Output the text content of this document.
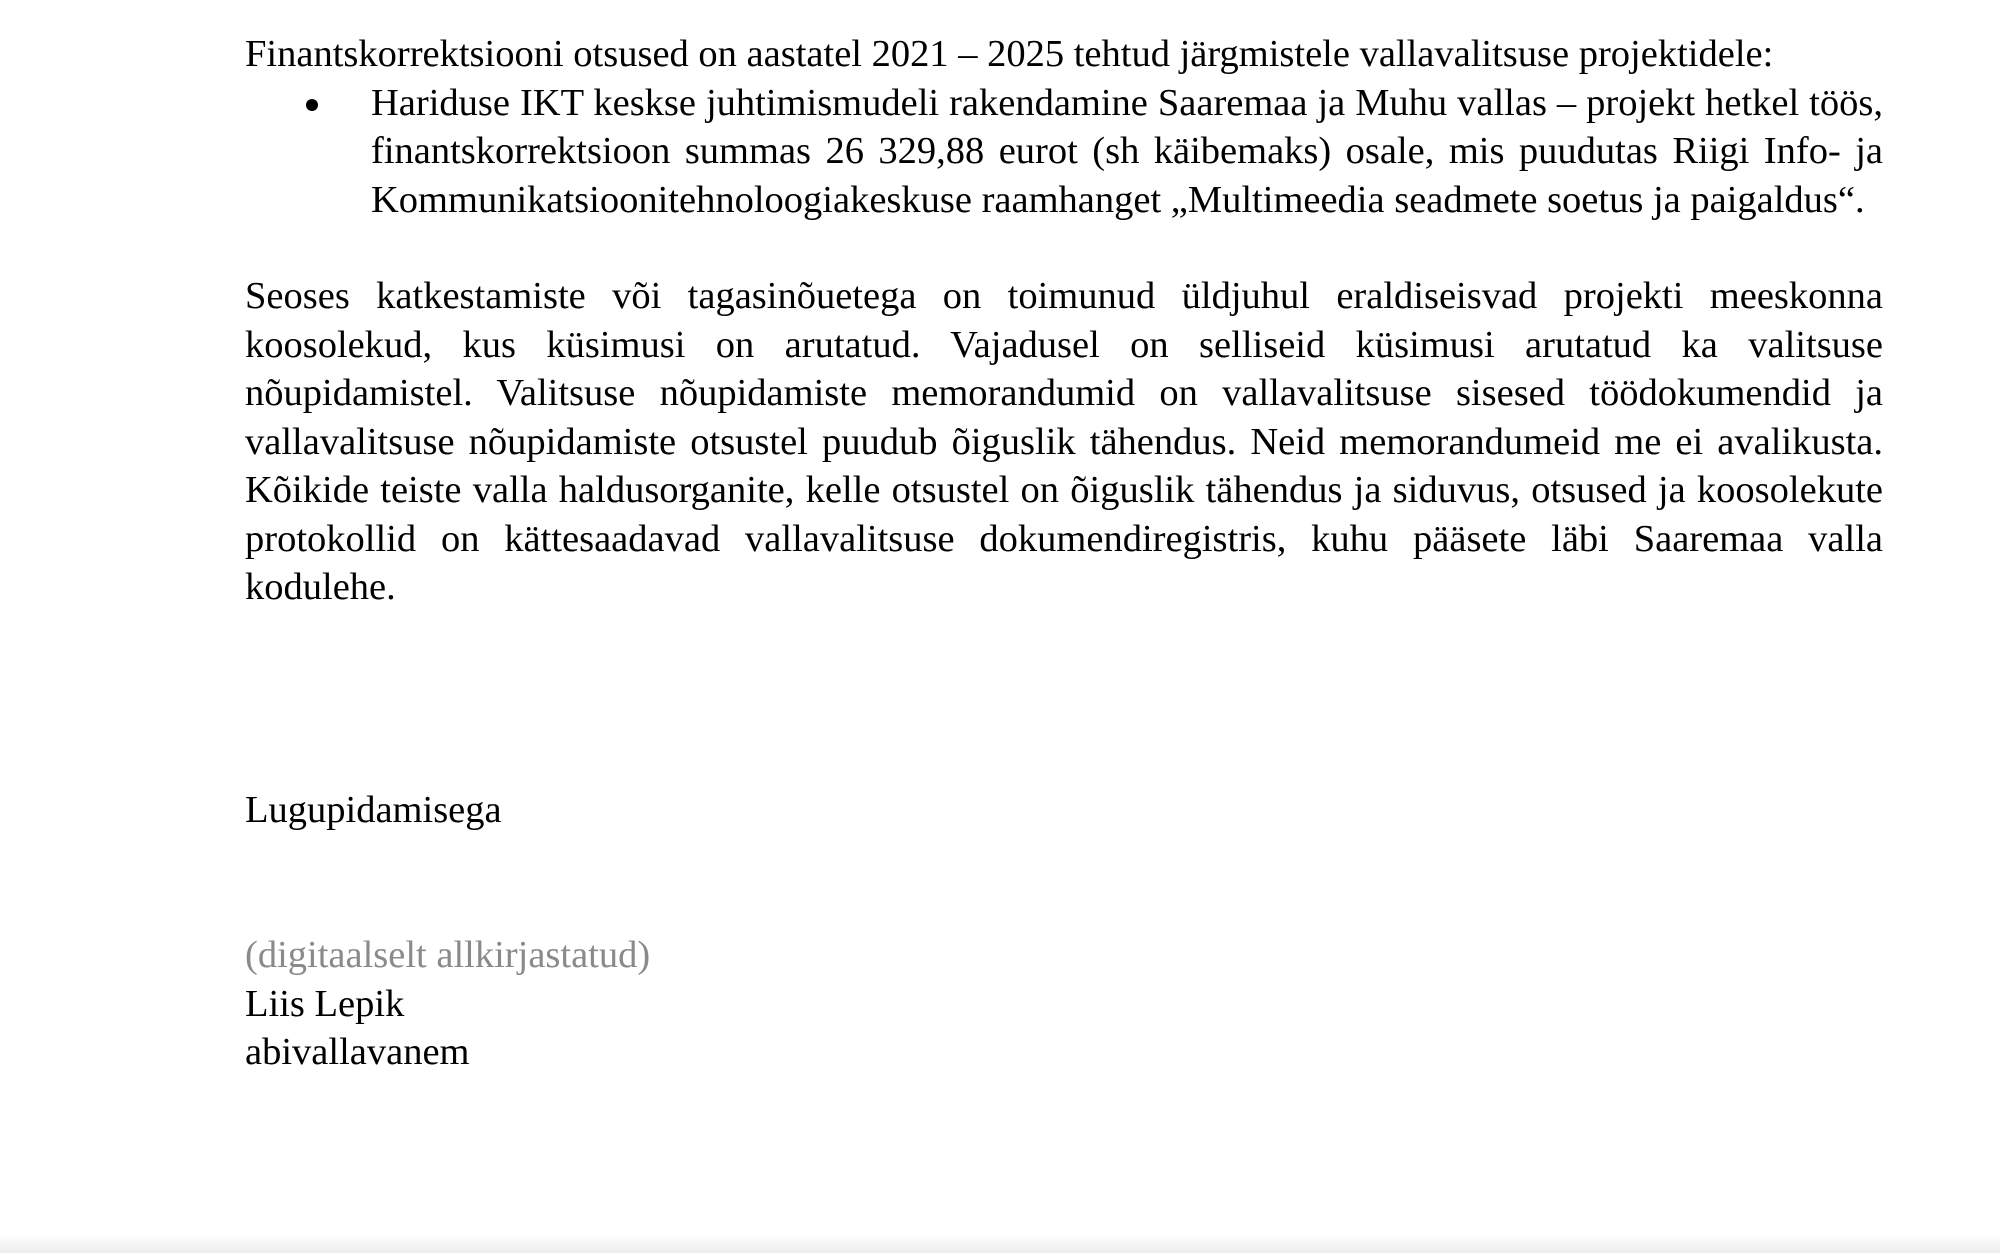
Finantskorrektsiooni otsused on aastatel 2021 – 2025 tehtud järgmistele vallavalitsuse projektidele:

Hariduse IKT keskse juhtimismudeli rakendamine Saaremaa ja Muhu vallas – projekt hetkel töös, finantskorrektsioon summas 26 329,88 eurot (sh käibemaks) osale, mis puudutas Riigi Info- ja Kommunikatsioonitehnoloogiakeskuse raamhanget „Multimeedia seadmete soetus ja paigaldus“.

Seoses katkestamiste või tagasinõuetega on toimunud üldjuhul eraldiseisvad projekti meeskonna koosolekud, kus küsimusi on arutatud. Vajadusel on selliseid küsimusi arutatud ka valitsuse nõupidamistel. Valitsuse nõupidamiste memorandumid on vallavalitsuse sisesed töödokumendid ja vallavalitsuse nõupidamiste otsustel puudub õiguslik tähendus. Neid memorandumeid me ei avalikusta. Kõikide teiste valla haldusorganite, kelle otsustel on õiguslik tähendus ja siduvus, otsused ja koosolekute protokollid on kättesaadavad vallavalitsuse dokumendiregistris, kuhu pääsete läbi Saaremaa valla kodulehe.

Lugupidamisega

(digitaalselt allkirjastatud)

Liis Lepik

abivallavanem
